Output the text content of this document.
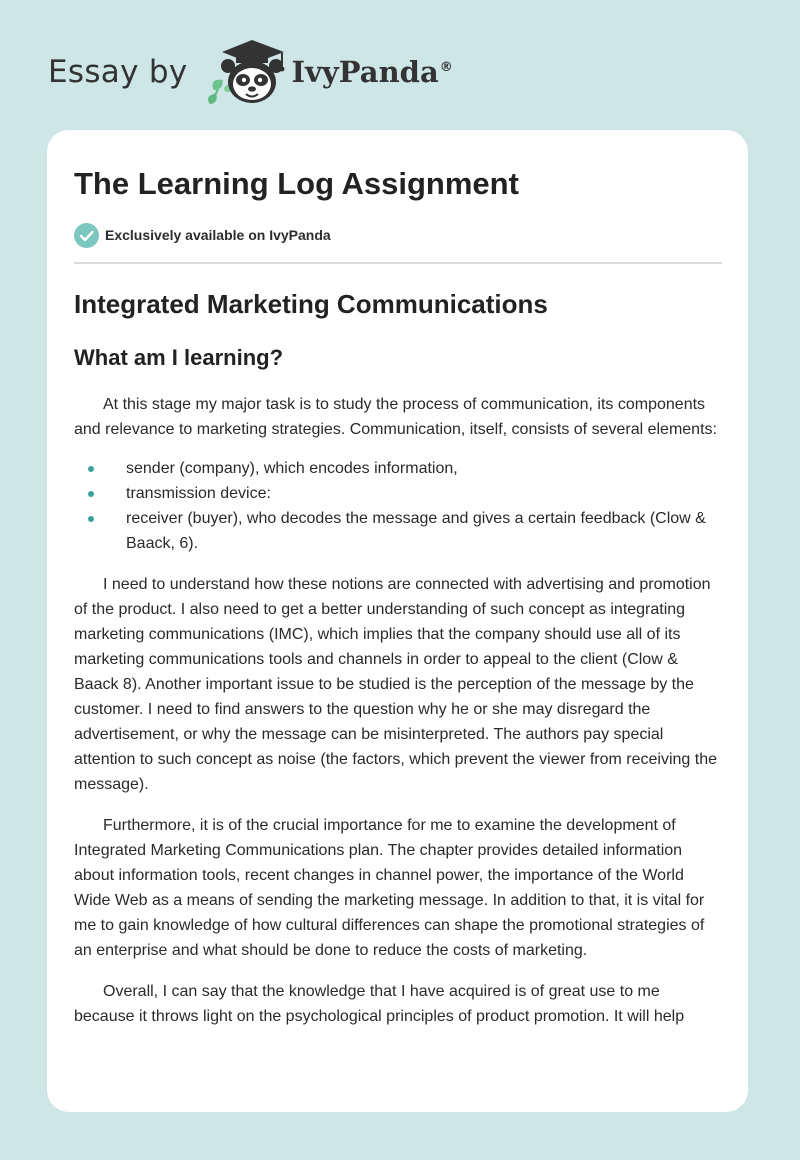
Essay by	IvyPanda®
The Learning Log Assignment
Exclusively available on IvyPanda
Integrated Marketing Communications
What am I learning?

At this stage my major task is to study the process of communication, its components and relevance to marketing strategies. Communication, itself, consists of several elements:

sender (company), which encodes information,
transmission device:
receiver (buyer), who decodes the message and gives a certain feedback (Clow & Baack, 6).

I need to understand how these notions are connected with advertising and promotion of the product. I also need to get a better understanding of such concept as integrating marketing communications (IMC), which implies that the company should use all of its marketing communications tools and channels in order to appeal to the client (Clow & Baack 8). Another important issue to be studied is the perception of the message by the customer. I need to find answers to the question why he or she may disregard the advertisement, or why the message can be misinterpreted. The authors pay special attention to such concept as noise (the factors, which prevent the viewer from receiving the message).

Furthermore, it is of the crucial importance for me to examine the development of Integrated Marketing Communications plan. The chapter provides detailed information about information tools, recent changes in channel power, the importance of the World Wide Web as a means of sending the marketing message. In addition to that, it is vital for me to gain knowledge of how cultural differences can shape the promotional strategies of an enterprise and what should be done to reduce the costs of marketing.

Overall, I can say that the knowledge that I have acquired is of great use to me because it throws light on the psychological principles of product promotion. It will help
